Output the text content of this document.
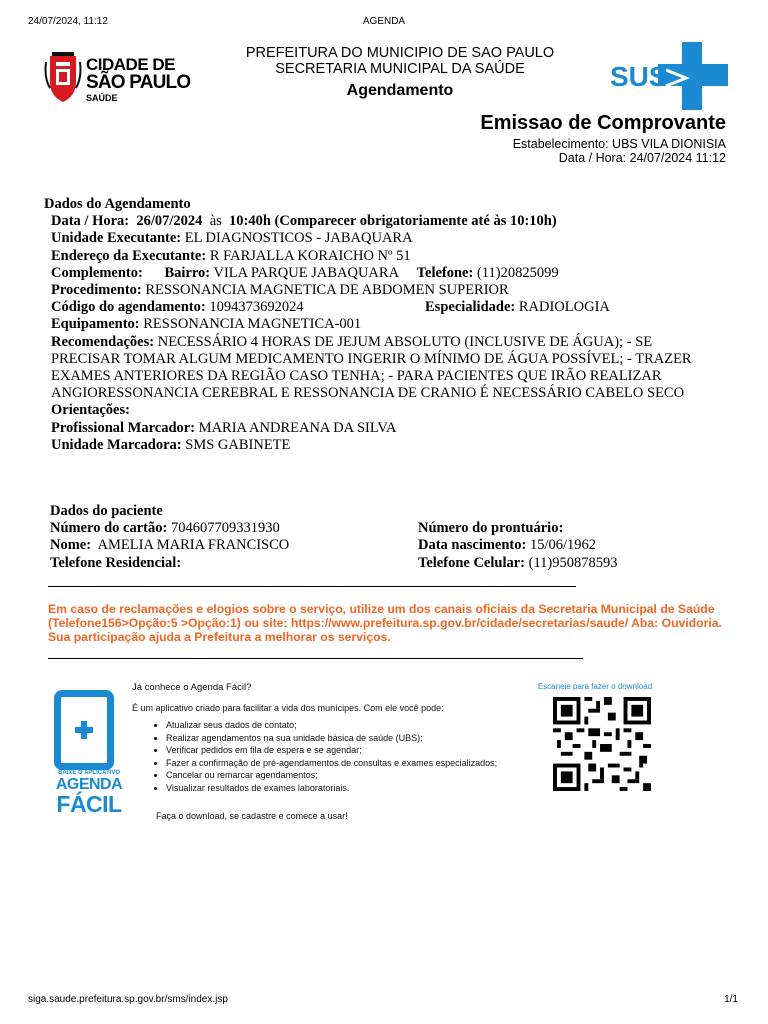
24/07/2024, 11:12	AGENDA
CIDADE DE
SÃO PAULO
SAÚDE
PREFEITURA DO MUNICIPIO DE SAO PAULO
SECRETARIA MUNICIPAL DA SAÚDE
Agendamento	SUS
Emissao de Comprovante
Estabelecimento: UBS VILA DIONISIA
Data / Hora: 24/07/2024 11:12
Dados do Agendamento
Data / Hora: 26/07/2024 às 10:40h (Comparecer obrigatoriamente até às 10:10h)
Unidade Executante: EL DIAGNOSTICOS - JABAQUARA
Endereço da Executante: R FARJALLA KORAICHO Nº 51
Complemento: Bairro: VILA PARQUE JABAQUARA Telefone: (11)20825099
Procedimento: RESSONANCIA MAGNETICA DE ABDOMEN SUPERIOR
Código do agendamento: 1094373692024	Especialidade: RADIOLOGIA
Equipamento: RESSONANCIA MAGNETICA-001
Recomendações: NECESSÁRIO 4 HORAS DE JEJUM ABSOLUTO (INCLUSIVE DE ÁGUA); - SE PRECISAR TOMAR ALGUM MEDICAMENTO INGERIR O MÍNIMO DE ÁGUA POSSÍVEL; - TRAZER EXAMES ANTERIORES DA REGIÃO CASO TENHA; - PARA PACIENTES QUE IRÃO REALIZAR ANGIORESSONANCIA CEREBRAL E RESSONANCIA DE CRANIO É NECESSÁRIO CABELO SECO
Orientações:
Profissional Marcador: MARIA ANDREANA DA SILVA
Unidade Marcadora: SMS GABINETE
Dados do paciente
Número do cartão: 704607709331930	Número do prontuário:
Nome: AMELIA MARIA FRANCISCO	Data nascimento: 15/06/1962
Telefone Residencial:	Telefone Celular: (11)950878593
Em caso de reclamações e elogios sobre o serviço, utilize um dos canais oficiais da Secretaria Municipal de Saúde (Telefone156>Opção:5 >Opção:1) ou site: https://www.prefeitura.sp.gov.br/cidade/secretarias/saude/ Aba: Ouvidoria. Sua participação ajuda a Prefeitura a melhorar os serviços.
BAIXE O APLICATIVO
AGENDA
FÁCIL
Já conhece o Agenda Fácil?
É um aplicativo criado para facilitar a vida dos munícipes. Com ele você pode:
• Atualizar seus dados de contato;
• Realizar agendamentos na sua unidade básica de saúde (UBS);
• Verificar pedidos em fila de espera e se agendar;
• Fazer a confirmação de pré-agendamentos de consultas e exames especializados;
• Cancelar ou remarcar agendamentos;
• Visualizar resultados de exames laboratoriais.
Faça o download, se cadastre e comece a usar!
Escaneie para fazer o download
siga.saude.prefeitura.sp.gov.br/sms/index.jsp	1/1
